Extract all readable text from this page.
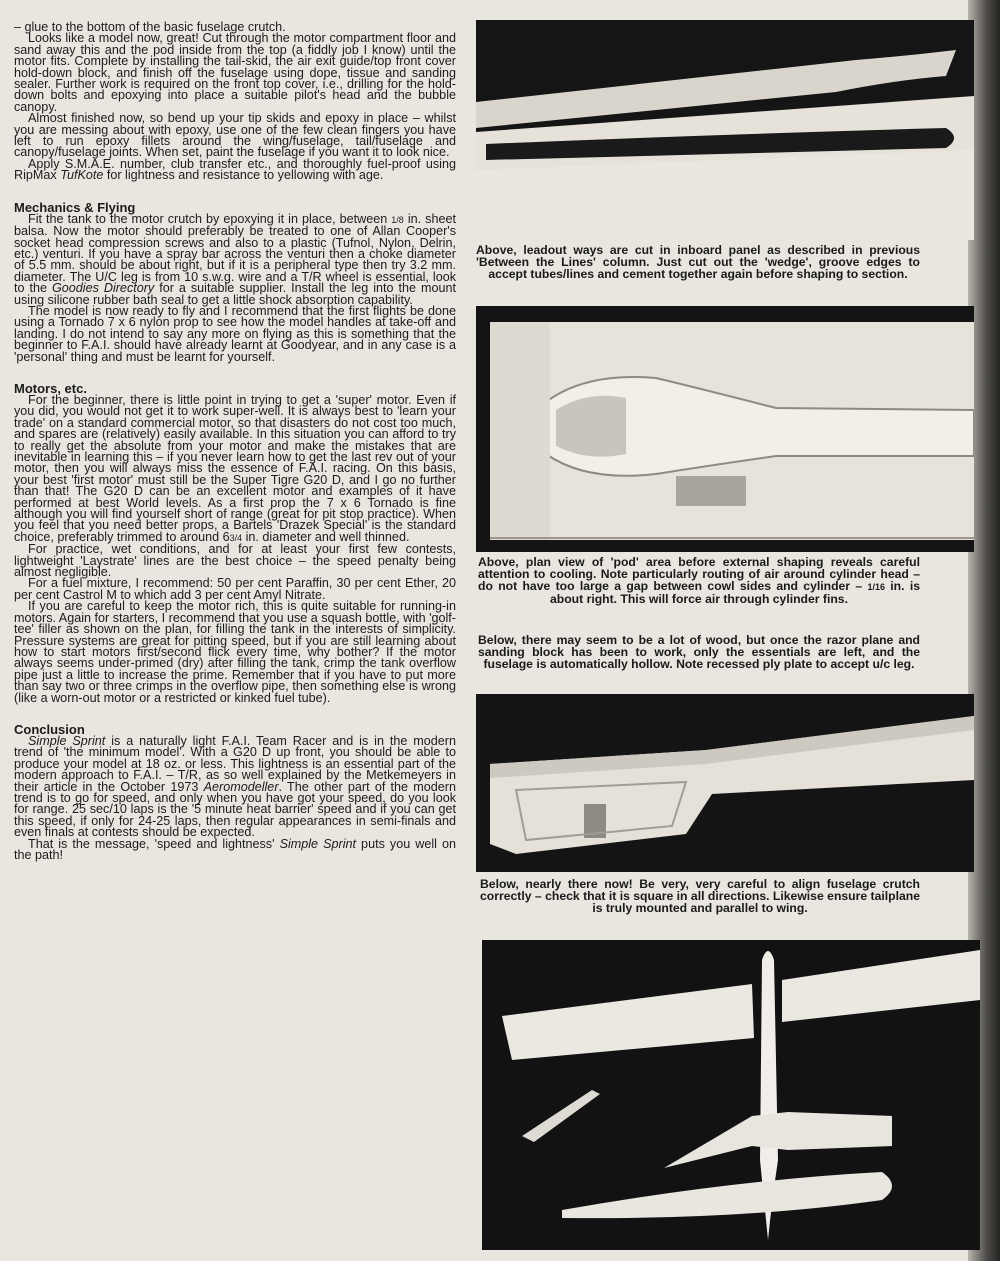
– glue to the bottom of the basic fuselage crutch.

Looks like a model now, great! Cut through the motor compartment floor and sand away this and the pod inside from the top (a fiddly job I know) until the motor fits. Complete by installing the tail-skid, the air exit guide/top front cover hold-down block, and finish off the fuselage using dope, tissue and sanding sealer. Further work is required on the front top cover, i.e., drilling for the hold-down bolts and epoxying into place a suitable pilot's head and the bubble canopy.

Almost finished now, so bend up your tip skids and epoxy in place – whilst you are messing about with epoxy, use one of the few clean fingers you have left to run epoxy fillets around the wing/fuselage, tail/fuselage and canopy/fuselage joints. When set, paint the fuselage if you want it to look nice.

Apply S.M.A.E. number, club transfer etc., and thoroughly fuel-proof using RipMax TufKote for lightness and resistance to yellowing with age.

Mechanics & Flying

Fit the tank to the motor crutch by epoxying it in place, between 1/8 in. sheet balsa. Now the motor should preferably be treated to one of Allan Cooper's socket head compression screws and also to a plastic (Tufnol, Nylon, Delrin, etc.) venturi. If you have a spray bar across the venturi then a choke diameter of 5.5 mm. should be about right, but if it is a peripheral type then try 3.2 mm. diameter. The U/C leg is from 10 s.w.g. wire and a T/R wheel is essential, look to the Goodies Directory for a suitable supplier. Install the leg into the mount using silicone rubber bath seal to get a little shock absorption capability.

The model is now ready to fly and I recommend that the first flights be done using a Tornado 7 x 6 nylon prop to see how the model handles at take-off and landing. I do not intend to say any more on flying as this is something that the beginner to F.A.I. should have already learnt at Goodyear, and in any case is a 'personal' thing and must be learnt for yourself.

Motors, etc.

For the beginner, there is little point in trying to get a 'super' motor. Even if you did, you would not get it to work super-well. It is always best to 'learn your trade' on a standard commercial motor, so that disasters do not cost too much, and spares are (relatively) easily available. In this situation you can afford to try to really get the absolute from your motor and make the mistakes that are inevitable in learning this – if you never learn how to get the last rev out of your motor, then you will always miss the essence of F.A.I. racing. On this basis, your best 'first motor' must still be the Super Tigre G20 D, and I go no further than that! The G20 D can be an excellent motor and examples of it have performed at best World levels. As a first prop the 7 x 6 Tornado is fine although you will find yourself short of range (great for pit stop practice). When you feel that you need better props, a Bartels 'Drazek Special' is the standard choice, preferably trimmed to around 63/4 in. diameter and well thinned.

For practice, wet conditions, and for at least your first few contests, lightweight 'Laystrate' lines are the best choice – the speed penalty being almost negligible.

For a fuel mixture, I recommend: 50 per cent Paraffin, 30 per cent Ether, 20 per cent Castrol M to which add 3 per cent Amyl Nitrate.

If you are careful to keep the motor rich, this is quite suitable for running-in motors. Again for starters, I recommend that you use a squash bottle, with 'golf-tee' filler as shown on the plan, for filling the tank in the interests of simplicity. Pressure systems are great for pitting speed, but if you are still learning about how to start motors first/second flick every time, why bother? If the motor always seems under-primed (dry) after filling the tank, crimp the tank overflow pipe just a little to increase the prime. Remember that if you have to put more than say two or three crimps in the overflow pipe, then something else is wrong (like a worn-out motor or a restricted or kinked fuel tube).

Conclusion

Simple Sprint is a naturally light F.A.I. Team Racer and is in the modern trend of 'the minimum model'. With a G20 D up front, you should be able to produce your model at 18 oz. or less. This lightness is an essential part of the modern approach to F.A.I. – T/R, as so well explained by the Metkemeyers in their article in the October 1973 Aeromodeller. The other part of the modern trend is to go for speed, and only when you have got your speed, do you look for range. 25 sec/10 laps is the '5 minute heat barrier' speed and if you can get this speed, if only for 24-25 laps, then regular appearances in semi-finals and even finals at contests should be expected.

That is the message, 'speed and lightness' Simple Sprint puts you well on the path!

Above, leadout ways are cut in inboard panel as described in previous 'Between the Lines' column. Just cut out the 'wedge', groove edges to accept tubes/lines and cement together again before shaping to section.
Above, plan view of 'pod' area before external shaping reveals careful attention to cooling. Note particularly routing of air around cylinder head – do not have too large a gap between cowl sides and cylinder – 1/16 in. is about right. This will force air through cylinder fins.
Below, there may seem to be a lot of wood, but once the razor plane and sanding block has been to work, only the essentials are left, and the fuselage is automatically hollow. Note recessed ply plate to accept u/c leg.
Below, nearly there now! Be very, very careful to align fuselage crutch correctly – check that it is square in all directions. Likewise ensure tailplane is truly mounted and parallel to wing.
